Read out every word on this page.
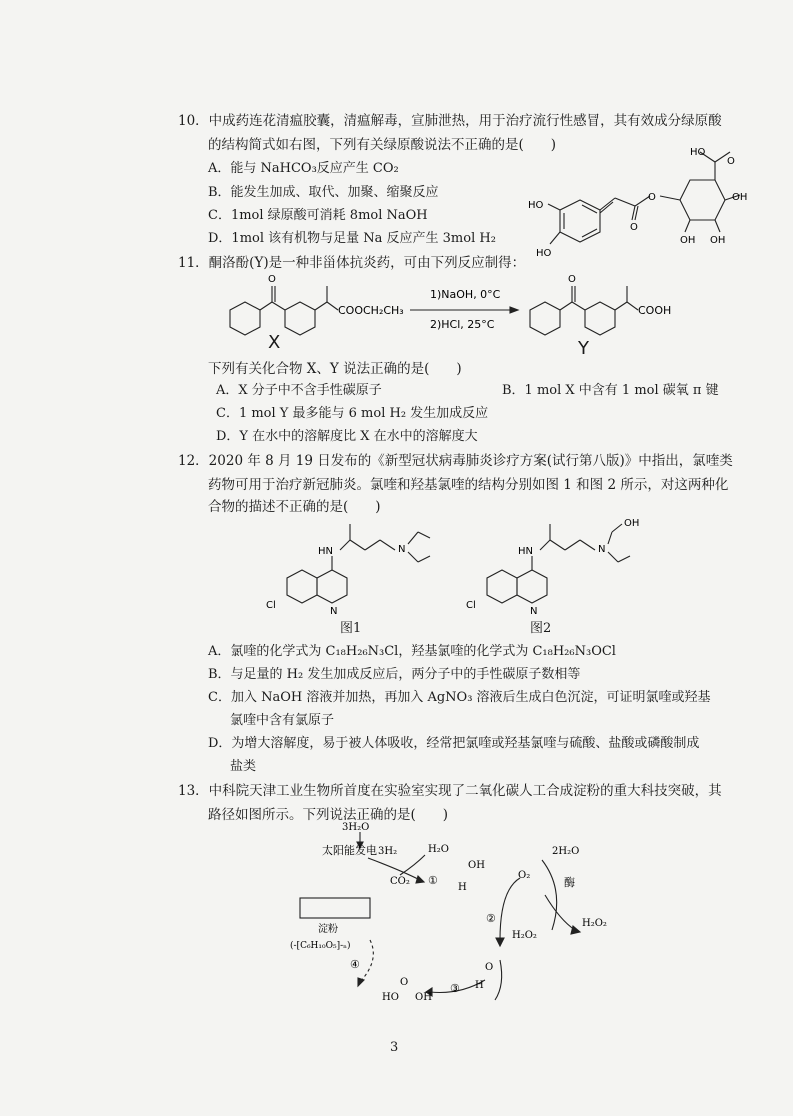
10．中成药连花清瘟胶囊，清瘟解毒，宣肺泄热，用于治疗流行性感冒，其有效成分绿原酸
的结构简式如右图，下列有关绿原酸说法不正确的是(　　)
A．能与 NaHCO₃反应产生 CO₂
B．能发生加成、取代、加聚、缩聚反应
C．1mol 绿原酸可消耗 8mol NaOH
D．1mol 该有机物与足量 Na 反应产生 3mol H₂
HO
O
OH
O
O
OH
HO
HO
OH
11．酮洛酚(Y)是一种非甾体抗炎药，可由下列反应制得：
O	O
COOCH₂CH₃
1)NaOH, 0°C
2)HCl, 25°C
COOH
X	Y
下列有关化合物 X、Y 说法正确的是(　　)
A．X 分子中不含手性碳原子	B．1 mol X 中含有 1 mol 碳氧 π 键
C．1 mol Y 最多能与 6 mol H₂ 发生加成反应
D．Y 在水中的溶解度比 X 在水中的溶解度大
12．2020 年 8 月 19 日发布的《新型冠状病毒肺炎诊疗方案(试行第八版)》中指出，氯喹类
药物可用于治疗新冠肺炎。氯喹和羟基氯喹的结构分别如图 1 和图 2 所示，对这两种化
合物的描述不正确的是(　　)
HN	N
N
Cl
图1
HN	N
OH
N
Cl
图2
A．氯喹的化学式为 C₁₈H₂₆N₃Cl，羟基氯喹的化学式为 C₁₈H₂₆N₃OCl
B．与足量的 H₂ 发生加成反应后，两分子中的手性碳原子数相等
C．加入 NaOH 溶液并加热，再加入 AgNO₃ 溶液后生成白色沉淀，可证明氯喹或羟基
氯喹中含有氯原子
D．为增大溶解度，易于被人体吸收，经常把氯喹或羟基氯喹与硫酸、盐酸或磷酸制成
盐类
13．中科院天津工业生物所首度在实验室实现了二氧化碳人工合成淀粉的重大科技突破，其
路径如图所示。下列说法正确的是(　　)
3H₂O
太阳能发电 3H₂	H₂O
CO₂ ①
OH
H
O₂
2H₂O
酶
H₂O₂
②
H₂O₂
O
H
③
④
淀粉
(-[C₆H₁₀O₅]-ₙ)
HO OH
O
3
